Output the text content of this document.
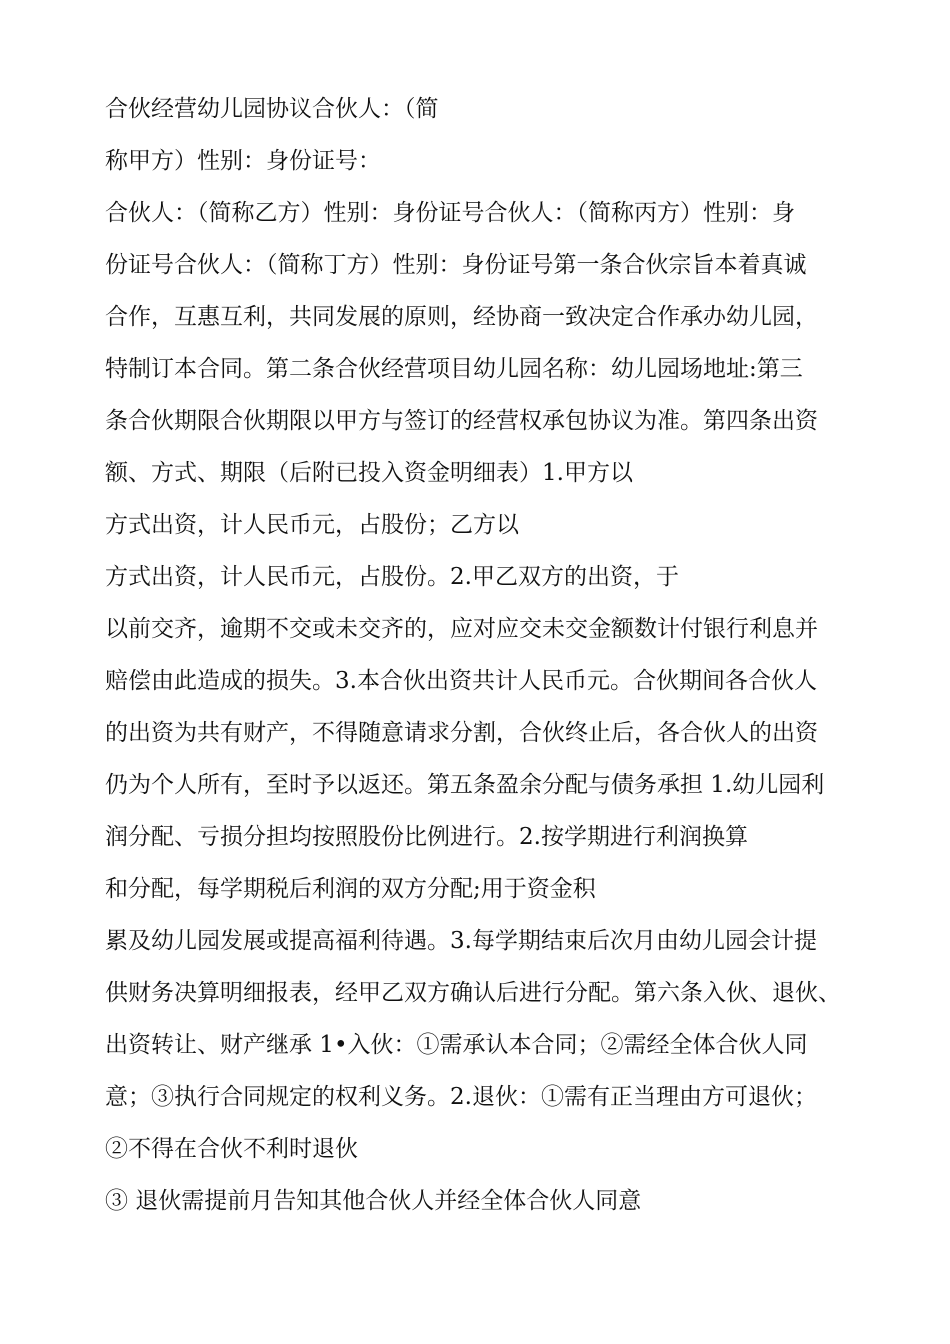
合伙经营幼儿园协议合伙人：（简
称甲方）性别：身份证号：
合伙人：（简称乙方）性别：身份证号合伙人：（简称丙方）性别：身
份证号合伙人：（简称丁方）性别：身份证号第一条合伙宗旨本着真诚
合作，互惠互利，共同发展的原则，经协商一致决定合作承办幼儿园，
特制订本合同。第二条合伙经营项目幼儿园名称：幼儿园场地址:第三
条合伙期限合伙期限以甲方与签订的经营权承包协议为准。第四条出资
额、方式、期限（后附已投入资金明细表）1.甲方以
方式出资，计人民币元，占股份；乙方以
方式出资，计人民币元，占股份。2.甲乙双方的出资，于
以前交齐，逾期不交或未交齐的，应对应交未交金额数计付银行利息并
赔偿由此造成的损失。3.本合伙出资共计人民币元。合伙期间各合伙人
的出资为共有财产，不得随意请求分割，合伙终止后，各合伙人的出资
仍为个人所有，至时予以返还。第五条盈余分配与债务承担 1.幼儿园利
润分配、亏损分担均按照股份比例进行。2.按学期进行利润换算
和分配，每学期税后利润的双方分配;用于资金积
累及幼儿园发展或提高福利待遇。3.每学期结束后次月由幼儿园会计提
供财务决算明细报表，经甲乙双方确认后进行分配。第六条入伙、退伙、
出资转让、财产继承 1•入伙：①需承认本合同；②需经全体合伙人同
意；③执行合同规定的权利义务。2.退伙：①需有正当理由方可退伙；
②不得在合伙不利时退伙
③ 退伙需提前月告知其他合伙人并经全体合伙人同意
